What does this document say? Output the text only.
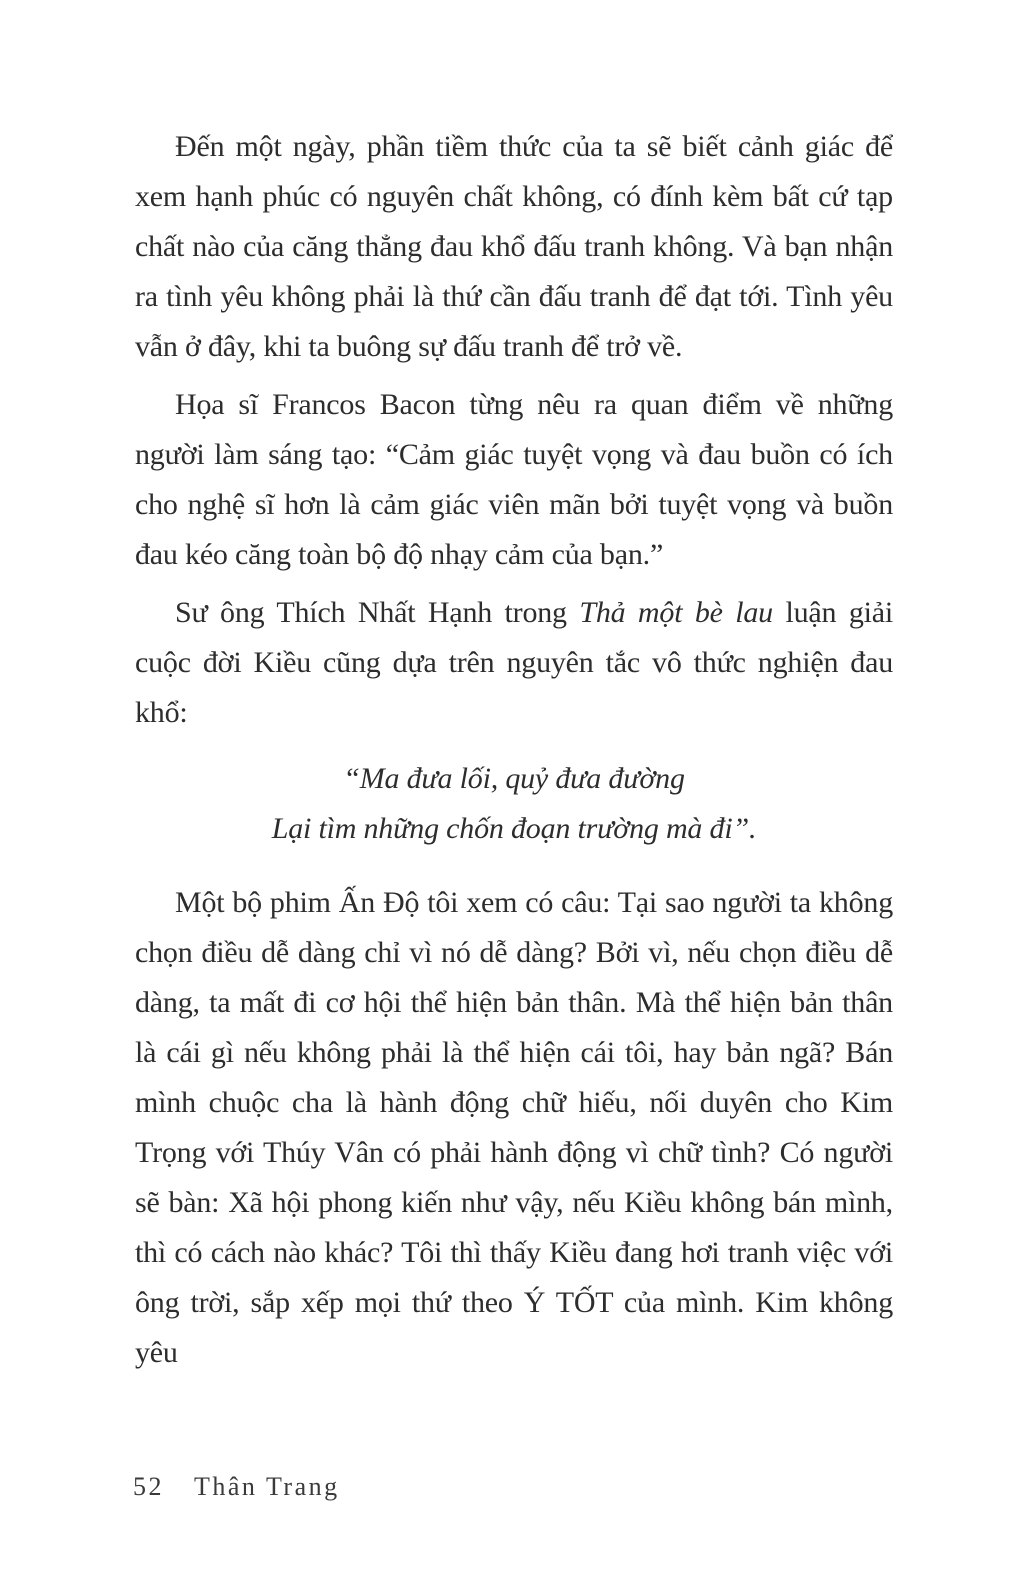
Đến một ngày, phần tiềm thức của ta sẽ biết cảnh giác để xem hạnh phúc có nguyên chất không, có đính kèm bất cứ tạp chất nào của căng thẳng đau khổ đấu tranh không. Và bạn nhận ra tình yêu không phải là thứ cần đấu tranh để đạt tới. Tình yêu vẫn ở đây, khi ta buông sự đấu tranh để trở về.

Họa sĩ Francos Bacon từng nêu ra quan điểm về những người làm sáng tạo: “Cảm giác tuyệt vọng và đau buồn có ích cho nghệ sĩ hơn là cảm giác viên mãn bởi tuyệt vọng và buồn đau kéo căng toàn bộ độ nhạy cảm của bạn.”

Sư ông Thích Nhất Hạnh trong Thả một bè lau luận giải cuộc đời Kiều cũng dựa trên nguyên tắc vô thức nghiện đau khổ:

“Ma đưa lối, quỷ đưa đường
Lại tìm những chốn đoạn trường mà đi”.

Một bộ phim Ấn Độ tôi xem có câu: Tại sao người ta không chọn điều dễ dàng chỉ vì nó dễ dàng? Bởi vì, nếu chọn điều dễ dàng, ta mất đi cơ hội thể hiện bản thân. Mà thể hiện bản thân là cái gì nếu không phải là thể hiện cái tôi, hay bản ngã? Bán mình chuộc cha là hành động chữ hiếu, nối duyên cho Kim Trọng với Thúy Vân có phải hành động vì chữ tình? Có người sẽ bàn: Xã hội phong kiến như vậy, nếu Kiều không bán mình, thì có cách nào khác? Tôi thì thấy Kiều đang hơi tranh việc với ông trời, sắp xếp mọi thứ theo Ý TỐT của mình. Kim không yêu

52 Thân Trang
